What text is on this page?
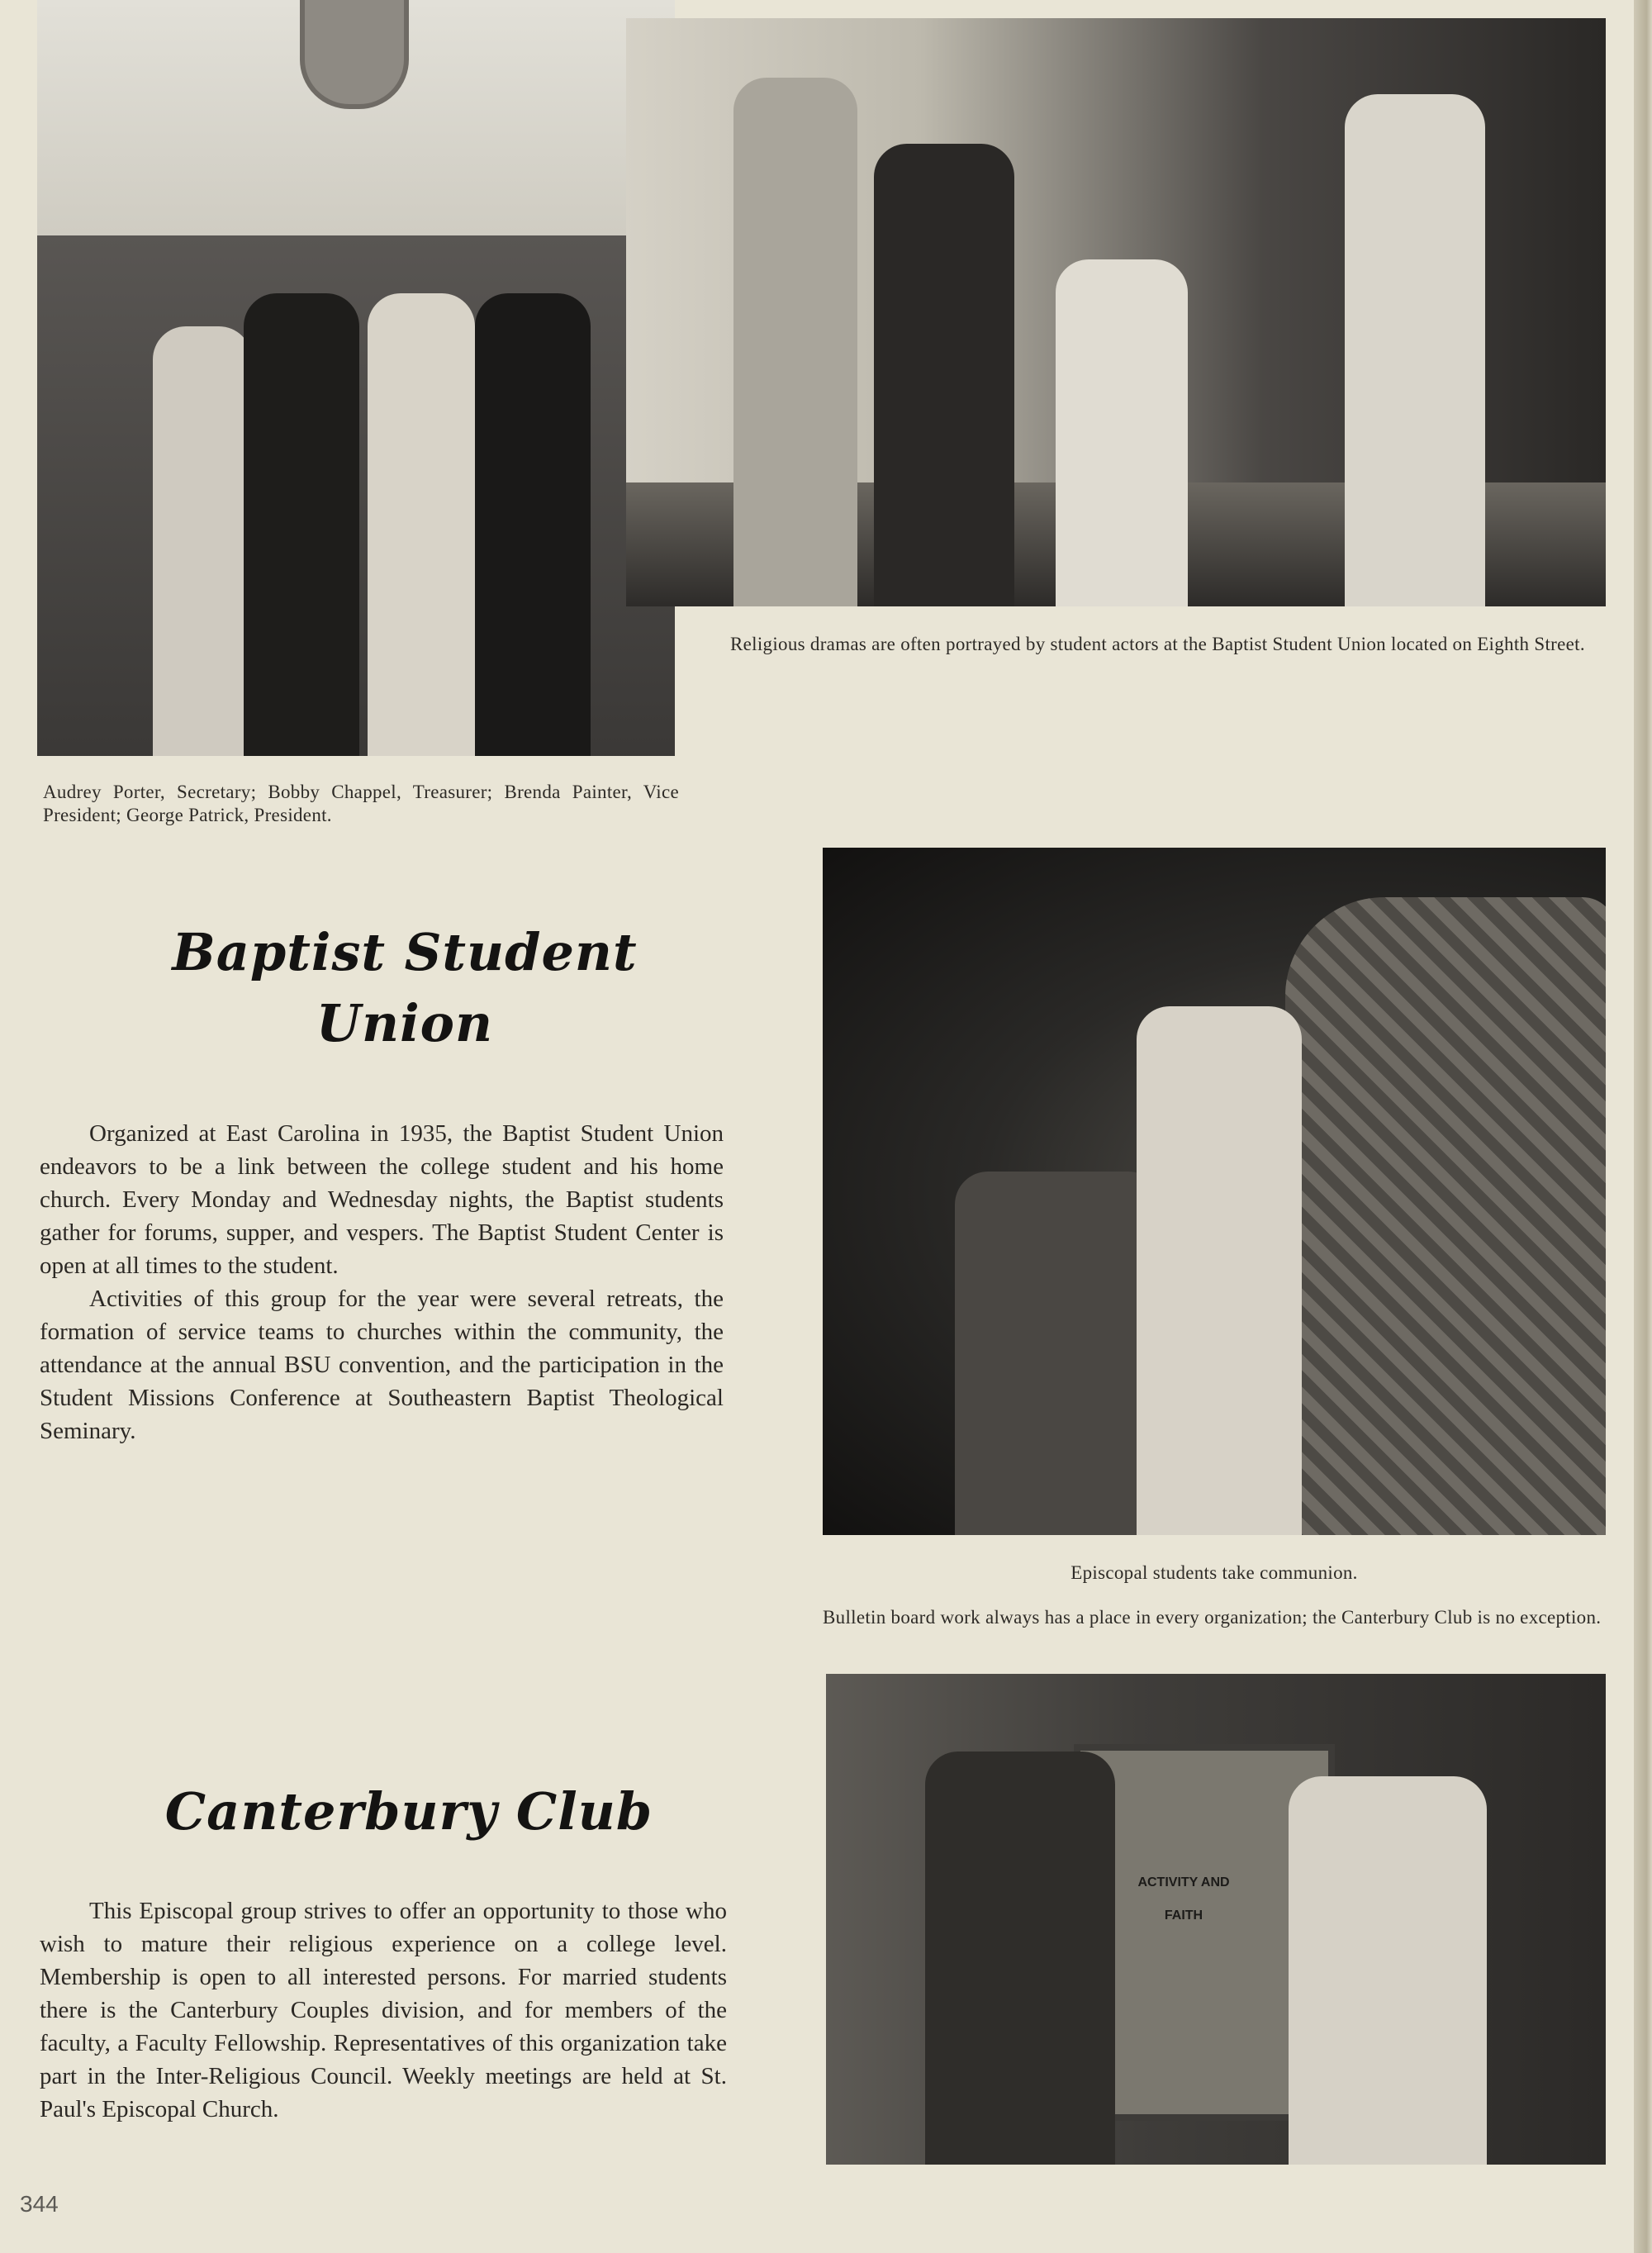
Religious dramas are often portrayed by student actors at the Baptist Student Union located on Eighth Street.
Audrey Porter, Secretary; Bobby Chappel, Treasurer; Brenda Painter, Vice President; George Patrick, President.
Baptist Student
Union

Organized at East Carolina in 1935, the Baptist Student Union endeavors to be a link between the college student and his home church. Every Monday and Wednesday nights, the Baptist students gather for forums, supper, and vespers. The Baptist Student Center is open at all times to the student.

Activities of this group for the year were several retreats, the formation of service teams to churches within the community, the attendance at the annual BSU convention, and the participation in the Student Missions Conference at Southeastern Baptist Theological Seminary.

Episcopal students take communion.
Bulletin board work always has a place in every organization; the Canterbury Club is no exception.
ACTIVITY AND FAITH
Canterbury Club

This Episcopal group strives to offer an opportunity to those who wish to mature their religious experience on a college level. Membership is open to all interested persons. For married students there is the Canterbury Couples division, and for members of the faculty, a Faculty Fellowship. Representatives of this organization take part in the Inter-Religious Council. Weekly meetings are held at St. Paul's Episcopal Church.

344
